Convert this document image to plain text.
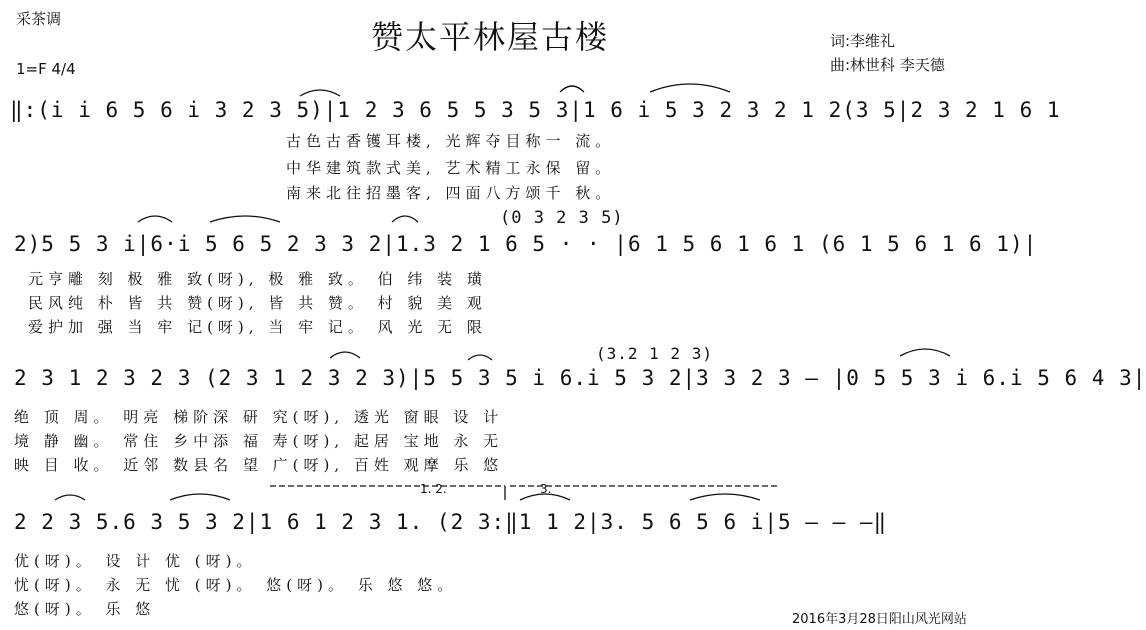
采茶调	赞太平林屋古楼	词:李维礼
曲:林世科 李天德
1=F 4/4
‖:(i i 6 5 6 i 3 2 3 5)|1 2 3 6 5 5 3 5 3|1 6 i 5 3 2 3 2 1 2(3 5|2 3 2 1 6 1
古色古香镬耳楼, 光辉夺目称一 流。
中华建筑款式美, 艺术精工永保 留。
南来北往招墨客, 四面八方颂千 秋。
(0 3 2 3 5)
2)5 5 3 i|6·i 5 6 5 2 3 3 2|1.3 2 1 6 5 · · |6 1 5 6 1 6 1 (6 1 5 6 1 6 1)|
元亨雕 刻 极 雅 致(呀), 极 雅 致。 伯 纬 装 璜
民风纯 朴 皆 共 赞(呀), 皆 共 赞。 村 貌 美 观
爱护加 强 当 牢 记(呀), 当 牢 记。 风 光 无 限
(3.2 1 2 3)
2 3 1 2 3 2 3 (2 3 1 2 3 2 3)|5 5 3 5 i 6.i 5 3 2|3 3 2 3 — |0 5 5 3 i 6.i 5 6 4 3|
绝 顶 周。 明亮 梯阶深 研 究(呀), 透光 窗眼 设 计
境 静 幽。 常住 乡中添 福 寿(呀), 起居 宝地 永 无
映 目 收。 近邻 数县名 望 广(呀), 百姓 观摩 乐 悠
1. 2.	3.
2 2 3 5.6 3 5 3 2|1 6 1 2 3 1. (2 3:‖1 1 2|3. 5 6 5 6 i|5 — — —‖
优(呀)。 设 计 优 (呀)。
忧(呀)。 永 无 忧 (呀)。 悠(呀)。 乐 悠 悠。
悠(呀)。 乐 悠
2016年3月28日阳山风光网站
